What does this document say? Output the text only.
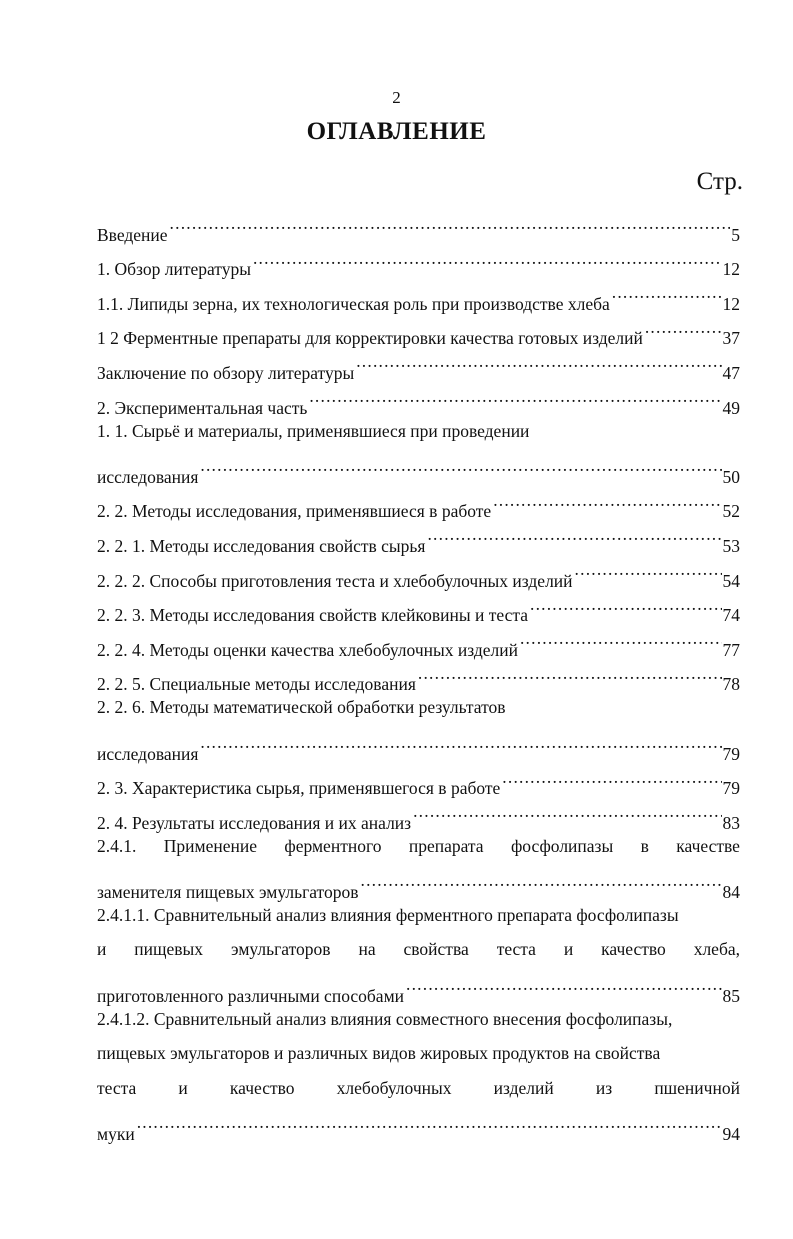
2
ОГЛАВЛЕНИЕ
Стр.
Введение .....	5
1. Обзор литературы .....	12
1.1. Липиды зерна, их технологическая роль при производстве хлеба .....	12
1 2 Ферментные препараты для корректировки качества готовых изделий .....	37
Заключение по обзору литературы .....	47
2. Экспериментальная часть .....	49
1. 1. Сырьё и материалы, применявшиеся при проведении
исследования .....	50
2. 2. Методы исследования, применявшиеся в работе .....	52
2. 2. 1. Методы исследования свойств сырья .....	53
2. 2. 2. Способы приготовления теста и хлебобулочных изделий .....	54
2. 2. 3. Методы исследования свойств клейковины и теста .....	74
2. 2. 4. Методы оценки качества хлебобулочных изделий .....	77
2. 2. 5. Специальные методы исследования .....	78
2. 2. 6. Методы математической обработки результатов
исследования .....	79
2. 3. Характеристика сырья, применявшегося в работе .....	79
2. 4. Результаты исследования и их анализ .....	83
2.4.1. Применение ферментного препарата фосфолипазы в качестве
заменителя пищевых эмульгаторов .....	84
2.4.1.1. Сравнительный анализ влияния ферментного препарата фосфолипазы
и пищевых эмульгаторов на свойства теста и качество хлеба,
приготовленного различными способами .....	85
2.4.1.2. Сравнительный анализ влияния совместного внесения фосфолипазы,
пищевых эмульгаторов и различных видов жировых продуктов на свойства
теста и качество хлебобулочных изделий из пшеничной
муки .....	94
